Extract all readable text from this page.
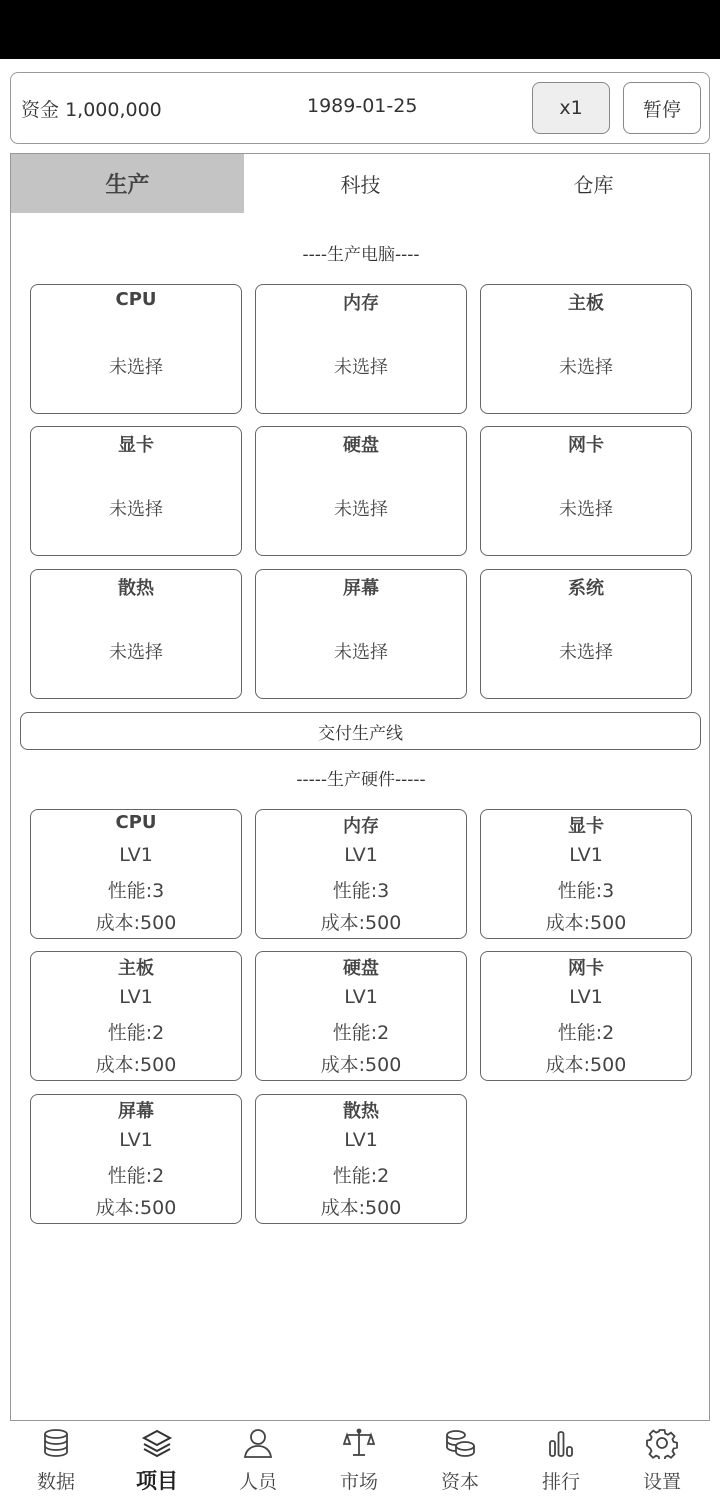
资金 1,000,000	1989-01-25	x1	暂停
生产	科技	仓库
----生产电脑----
CPU
未选择
内存
未选择
主板
未选择
显卡
未选择
硬盘
未选择
网卡
未选择
散热
未选择
屏幕
未选择
系统
未选择
交付生产线
-----生产硬件-----
CPU
LV1
性能:3
成本:500
内存
LV1
性能:3
成本:500
显卡
LV1
性能:3
成本:500
主板
LV1
性能:2
成本:500
硬盘
LV1
性能:2
成本:500
网卡
LV1
性能:2
成本:500
屏幕
LV1
性能:2
成本:500
散热
LV1
性能:2
成本:500
数据	项目	人员	市场	资本	排行	设置
